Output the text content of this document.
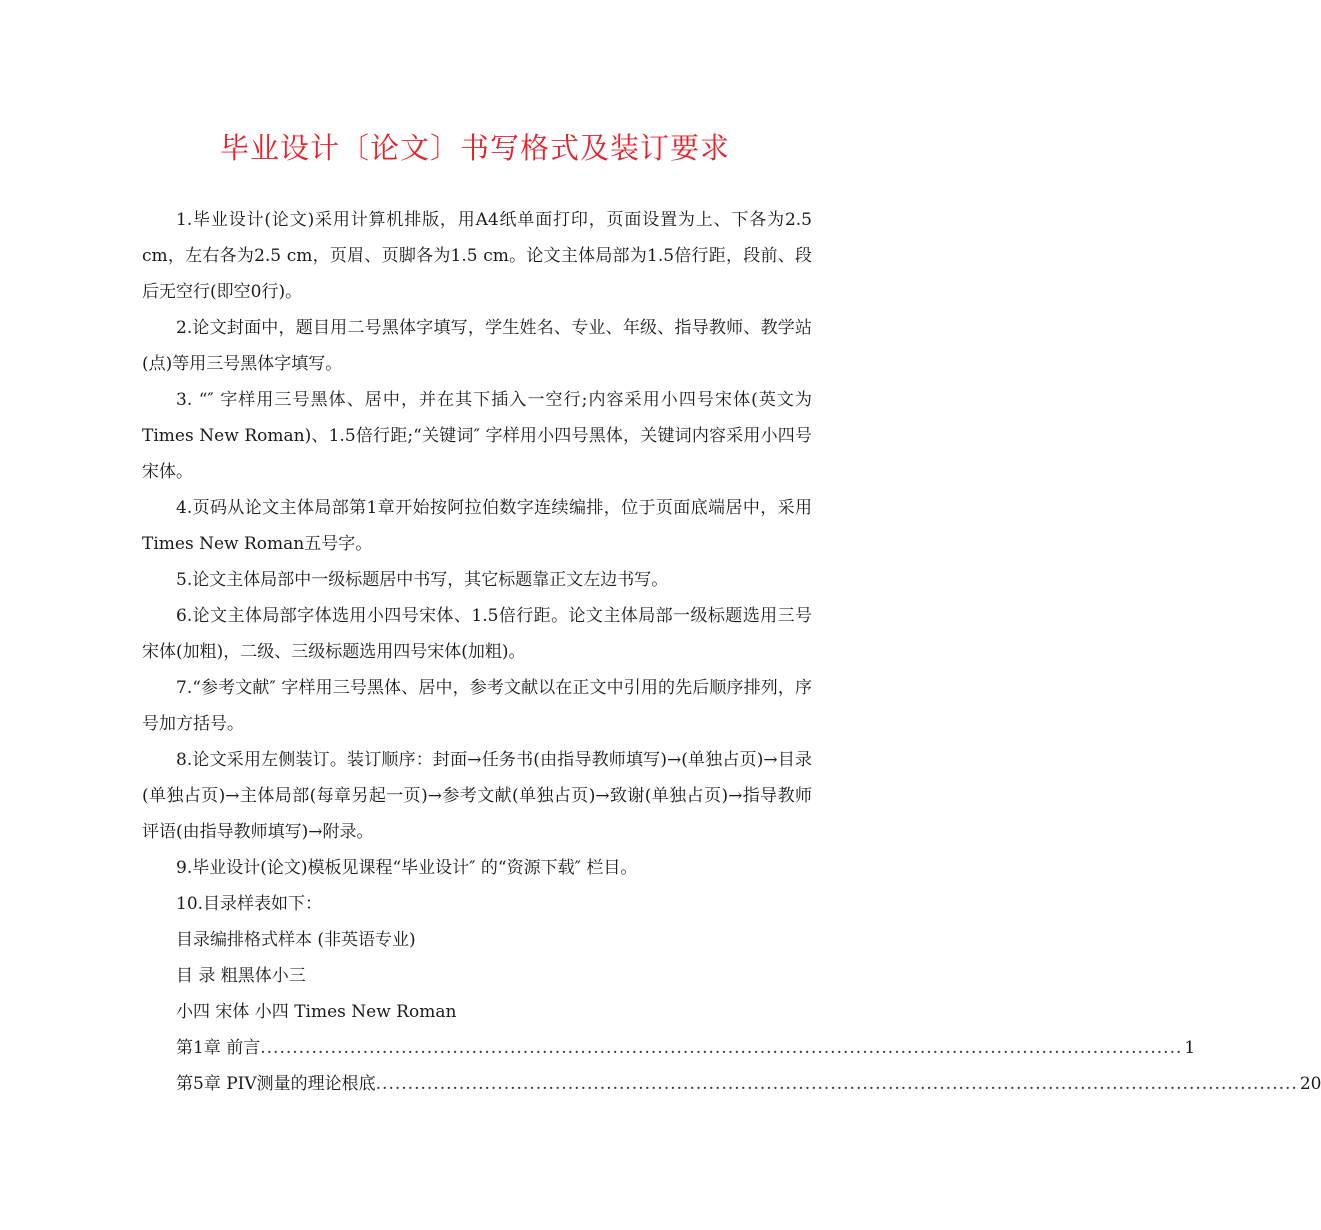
毕业设计〔论文〕书写格式及装订要求

1.毕业设计(论文)采用计算机排版，用A4纸单面打印，页面设置为上、下各为2.5 cm，左右各为2.5 cm，页眉、页脚各为1.5 cm。论文主体局部为1.5倍行距，段前、段后无空行(即空0行)。

2.论文封面中，题目用二号黑体字填写，学生姓名、专业、年级、指导教师、教学站(点)等用三号黑体字填写。

3. “″ 字样用三号黑体、居中，并在其下插入一空行;内容采用小四号宋体(英文为Times New Roman)、1.5倍行距;“关键词″ 字样用小四号黑体，关键词内容采用小四号宋体。

4.页码从论文主体局部第1章开始按阿拉伯数字连续编排，位于页面底端居中，采用Times New Roman五号字。

5.论文主体局部中一级标题居中书写，其它标题靠正文左边书写。

6.论文主体局部字体选用小四号宋体、1.5倍行距。论文主体局部一级标题选用三号宋体(加粗)，二级、三级标题选用四号宋体(加粗)。

7.“参考文献″ 字样用三号黑体、居中，参考文献以在正文中引用的先后顺序排列，序号加方括号。

8.论文采用左侧装订。装订顺序：封面→任务书(由指导教师填写)→(单独占页)→目录(单独占页)→主体局部(每章另起一页)→参考文献(单独占页)→致谢(单独占页)→指导教师评语(由指导教师填写)→附录。

9.毕业设计(论文)模板见课程“毕业设计″ 的“资源下载″ 栏目。

10.目录样表如下：

目录编排格式样本 (非英语专业)

目 录 粗黑体小三

小四 宋体 小四 Times New Roman

第1章 前言 ................................................................................................................................................ 1
第5章 PIV测量的理论根底 ................................................................................................................................................ 20
